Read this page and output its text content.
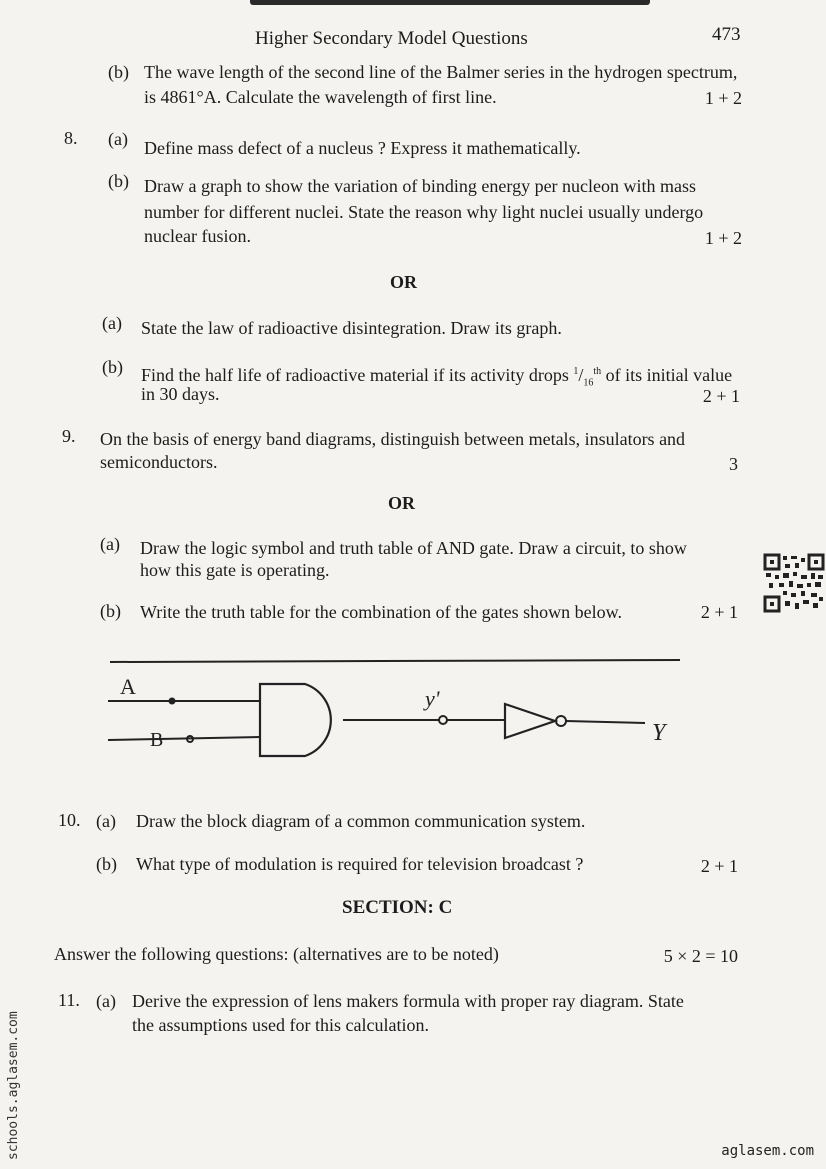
Higher Secondary Model Questions	473
(b) The wave length of the second line of the Balmer series in the hydrogen spectrum,
is 4861°A. Calculate the wavelength of first line.	1 + 2
8. (a) Define mass defect of a nucleus ? Express it mathematically.
(b) Draw a graph to show the variation of binding energy per nucleon with mass
number for different nuclei. State the reason why light nuclei usually undergo
nuclear fusion.	1 + 2
OR
(a) State the law of radioactive disintegration. Draw its graph.
(b) Find the half life of radioactive material if its activity drops $^1/_{16}^{th}$ of its initial value
in 30 days.	2 + 1
9. On the basis of energy band diagrams, distinguish between metals, insulators and
semiconductors.	3
OR
(a) Draw the logic symbol and truth table of AND gate. Draw a circuit, to show
how this gate is operating.
(b) Write the truth table for the combination of the gates shown below.	2 + 1
A
B
y'
Y
10. (a) Draw the block diagram of a common communication system.
(b) What type of modulation is required for television broadcast ?	2 + 1
SECTION: C
Answer the following questions: (alternatives are to be noted)	5 × 2 = 10
11. (a) Derive the expression of lens makers formula with proper ray diagram. State
the assumptions used for this calculation.
schools.aglasem.com	aglasem.com
